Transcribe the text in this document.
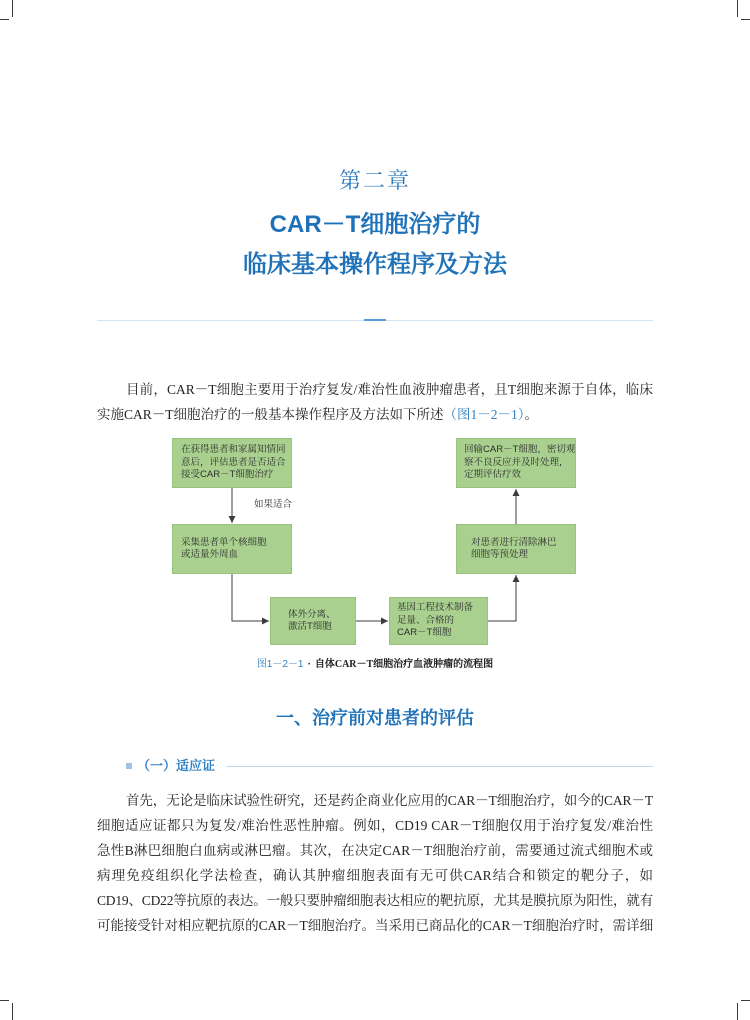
第二章
CAR－T细胞治疗的
临床基本操作程序及方法
目前，CAR－T细胞主要用于治疗复发/难治性血液肿瘤患者，且T细胞来源于自体，临床
实施CAR－T细胞治疗的一般基本操作程序及方法如下所述（图1－2－1）。
在获得患者和家属知情同
意后，评估患者是否适合
接受CAR－T细胞治疗
如果适合
采集患者单个核细胞
或适量外周血
体外分离、
激活T细胞
基因工程技术制备
足量、合格的
CAR－T细胞
对患者进行清除淋巴
细胞等预处理
回输CAR－T细胞，密切观
察不良反应并及时处理，
定期评估疗效
图1－2－1 · 自体CAR－T细胞治疗血液肿瘤的流程图
一、治疗前对患者的评估
（一）适应证
首先，无论是临床试验性研究，还是药企商业化应用的CAR－T细胞治疗，如今的CAR－T
细胞适应证都只为复发/难治性恶性肿瘤。例如，CD19 CAR－T细胞仅用于治疗复发/难治性
急性B淋巴细胞白血病或淋巴瘤。其次，在决定CAR－T细胞治疗前，需要通过流式细胞术或
病理免疫组织化学法检查，确认其肿瘤细胞表面有无可供CAR结合和锁定的靶分子，如
CD19、CD22等抗原的表达。一般只要肿瘤细胞表达相应的靶抗原，尤其是膜抗原为阳性，就有
可能接受针对相应靶抗原的CAR－T细胞治疗。当采用已商品化的CAR－T细胞治疗时，需详细
